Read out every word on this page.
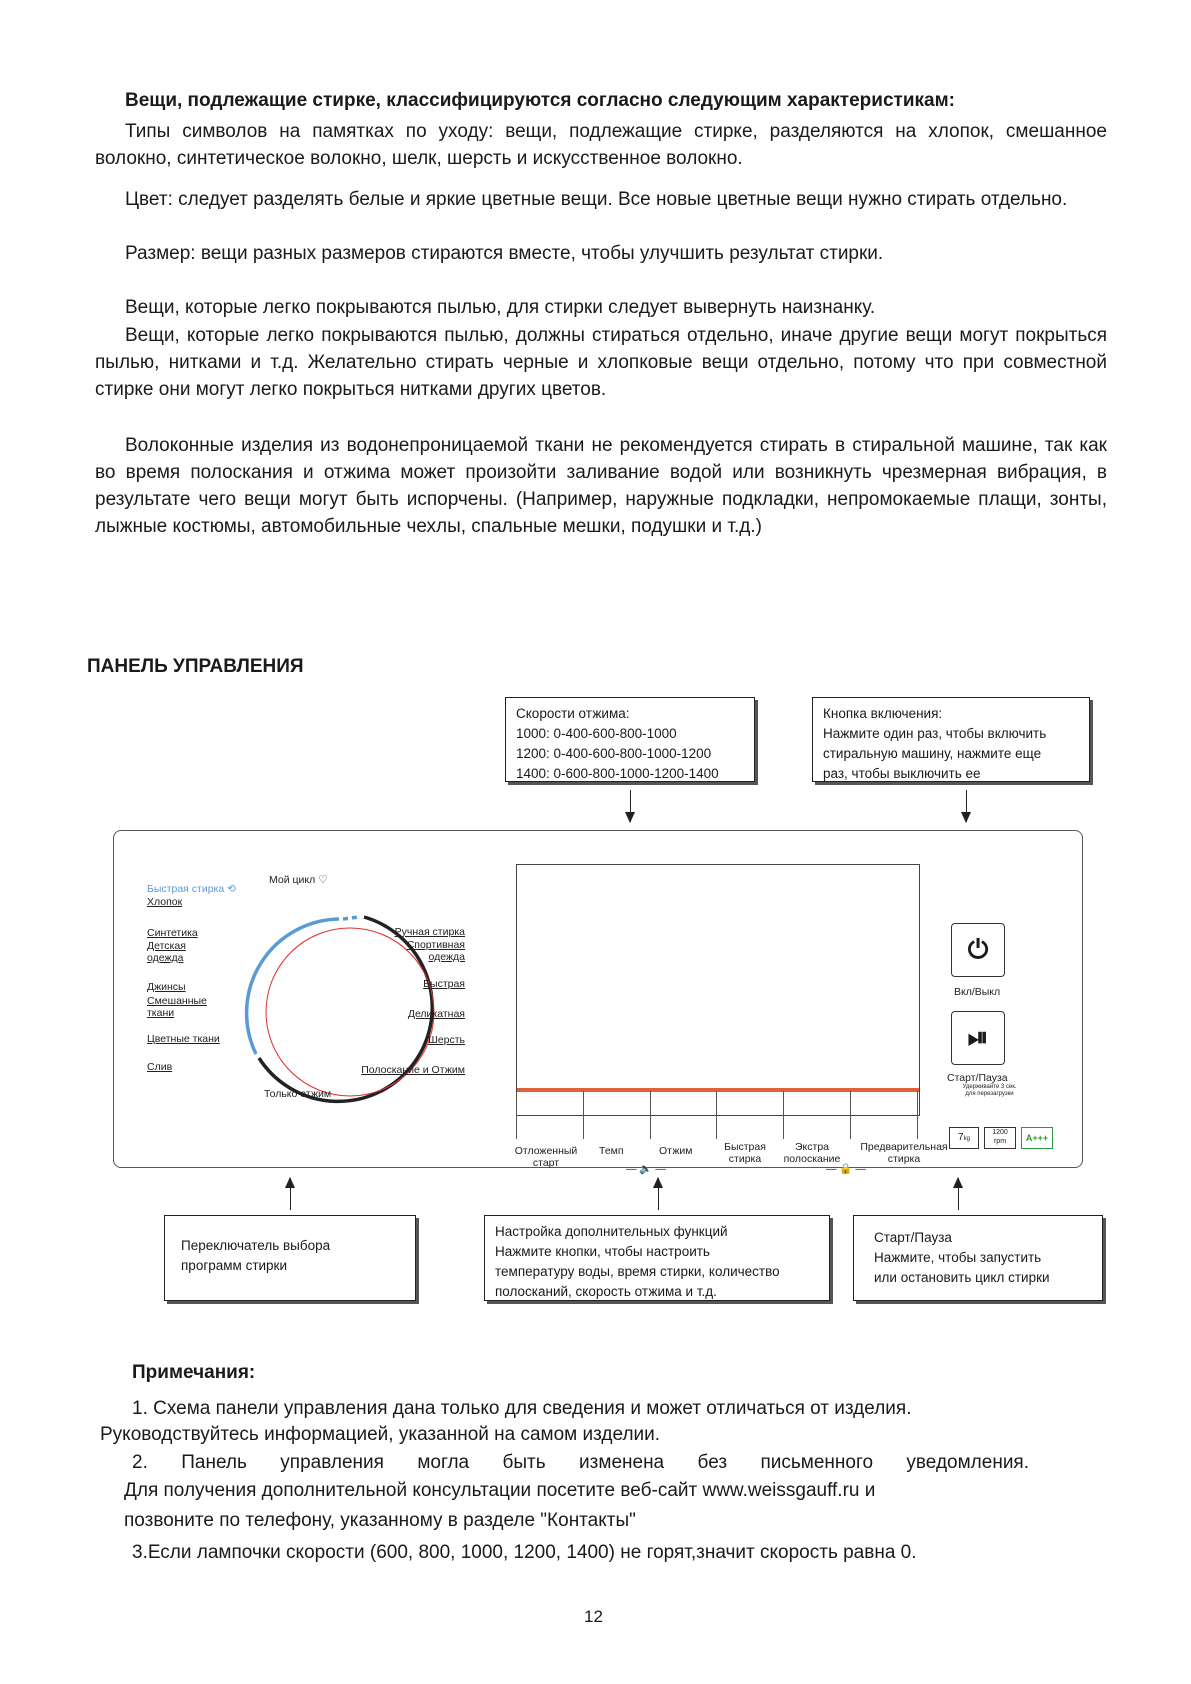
Вещи, подлежащие стирке, классифицируются согласно следующим характеристикам:

Типы символов на памятках по уходу: вещи, подлежащие стирке, разделяются на хлопок, смешанное волокно, синтетическое волокно, шелк, шерсть и искусственное волокно.

Цвет: следует разделять белые и яркие цветные вещи. Все новые цветные вещи нужно стирать отдельно.

Размер: вещи разных размеров стираются вместе, чтобы улучшить результат стирки.

Вещи, которые легко покрываются пылью, для стирки следует вывернуть наизнанку.

Вещи, которые легко покрываются пылью, должны стираться отдельно, иначе другие вещи могут покрыться пылью, нитками и т.д. Желательно стирать черные и хлопковые вещи отдельно, потому что при совместной стирке они могут легко покрыться нитками других цветов.

Волоконные изделия из водонепроницаемой ткани не рекомендуется стирать в стиральной машине, так как во время полоскания и отжима может произойти заливание водой или возникнуть чрезмерная вибрация, в результате чего вещи могут быть испорчены. (Например, наружные подкладки, непромокаемые плащи, зонты, лыжные костюмы, автомобильные чехлы, спальные мешки, подушки и т.д.)

ПАНЕЛЬ УПРАВЛЕНИЯ

Скорости отжима:
1000: 0-400-600-800-1000
1200: 0-400-600-800-1000-1200
1400: 0-600-800-1000-1200-1400
Кнопка включения:
Нажмите один раз, чтобы включить
стиральную машину, нажмите еще
раз, чтобы выключить ее
Быстрая стирка ⟲
Мой цикл ♡
Хлопок
Синтетика
Детская одежда
Джинсы
Смешанные ткани
Цветные ткани
Слив
Ручная стирка
Спортивная одежда
Быстрая
Деликатная
Шерсть
Полоскание и Отжим
Только отжим
Отложенный старт
Темп	Отжим	Быстрая стирка
Экстра полоскание
Предварительная стирка
— 🔈 —	— 🔒 —
⏻
Вкл/Выкл
⏯
Старт/Пауза
Удерживайте 3 сек. для перезагрузки
7kg
1200
rpm	A+++
Переключатель выбора
программ стирки
Настройка дополнительных функций
Нажмите кнопки, чтобы настроить
температуру воды, время стирки, количество
полосканий, скорость отжима и т.д.
Старт/Пауза
Нажмите, чтобы запустить
или остановить цикл стирки

Примечания:

1. Схема панели управления дана только для сведения и может отличаться от изделия.

Руководствуйтесь информацией, указанной на самом изделии.

2. Панель управления могла быть изменена без письменного уведомления.

Для получения дополнительной консультации посетите веб-сайт www.weissgauff.ru и

позвоните по телефону, указанному в разделе "Контакты"

3.Если лампочки скорости (600, 800, 1000, 1200, 1400) не горят,значит скорость равна 0.

12
